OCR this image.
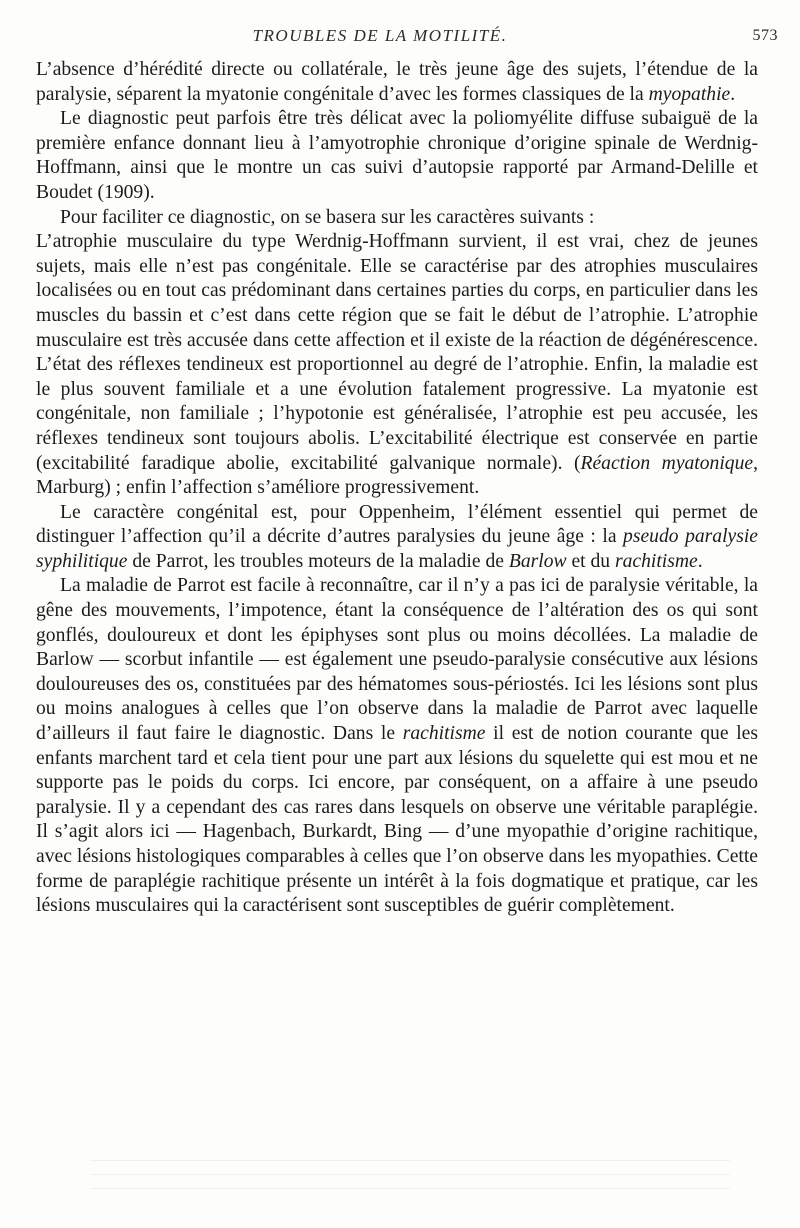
TROUBLES DE LA MOTILITÉ.	573

L’absence d’hérédité directe ou collatérale, le très jeune âge des sujets, l’étendue de la paralysie, séparent la myatonie congénitale d’avec les formes classiques de la myopathie.

Le diagnostic peut parfois être très délicat avec la poliomyélite diffuse subaiguë de la première enfance donnant lieu à l’amyotrophie chronique d’origine spinale de Werdnig-Hoffmann, ainsi que le montre un cas suivi d’autopsie rapporté par Armand-Delille et Boudet (1909).

Pour faciliter ce diagnostic, on se basera sur les caractères suivants :

L’atrophie musculaire du type Werdnig-Hoffmann survient, il est vrai, chez de jeunes sujets, mais elle n’est pas congénitale. Elle se caractérise par des atrophies musculaires localisées ou en tout cas prédominant dans certaines parties du corps, en particulier dans les muscles du bassin et c’est dans cette région que se fait le début de l’atrophie. L’atrophie musculaire est très accusée dans cette affection et il existe de la réaction de dégénérescence. L’état des réflexes tendineux est proportionnel au degré de l’atrophie. Enfin, la maladie est le plus souvent familiale et a une évolution fatalement progressive. La myatonie est congénitale, non familiale ; l’hypotonie est généralisée, l’atrophie est peu accusée, les réflexes tendineux sont toujours abolis. L’excitabilité électrique est conservée en partie (excitabilité faradique abolie, excitabilité galvanique normale). (Réaction myatonique, Marburg) ; enfin l’affection s’améliore progressivement.

Le caractère congénital est, pour Oppenheim, l’élément essentiel qui permet de distinguer l’affection qu’il a décrite d’autres paralysies du jeune âge : la pseudo paralysie syphilitique de Parrot, les troubles moteurs de la maladie de Barlow et du rachitisme.

La maladie de Parrot est facile à reconnaître, car il n’y a pas ici de paralysie véritable, la gêne des mouvements, l’impotence, étant la conséquence de l’altération des os qui sont gonflés, douloureux et dont les épiphyses sont plus ou moins décollées. La maladie de Barlow — scorbut infantile — est également une pseudo-paralysie consécutive aux lésions douloureuses des os, constituées par des hématomes sous-périostés. Ici les lésions sont plus ou moins analogues à celles que l’on observe dans la maladie de Parrot avec laquelle d’ailleurs il faut faire le diagnostic. Dans le rachitisme il est de notion courante que les enfants marchent tard et cela tient pour une part aux lésions du squelette qui est mou et ne supporte pas le poids du corps. Ici encore, par conséquent, on a affaire à une pseudo paralysie. Il y a cependant des cas rares dans lesquels on observe une véritable paraplégie. Il s’agit alors ici — Hagenbach, Burkardt, Bing — d’une myopathie d’origine rachitique, avec lésions histologiques comparables à celles que l’on observe dans les myopathies. Cette forme de paraplégie rachitique présente un intérêt à la fois dogmatique et pratique, car les lésions musculaires qui la caractérisent sont susceptibles de guérir complètement.
